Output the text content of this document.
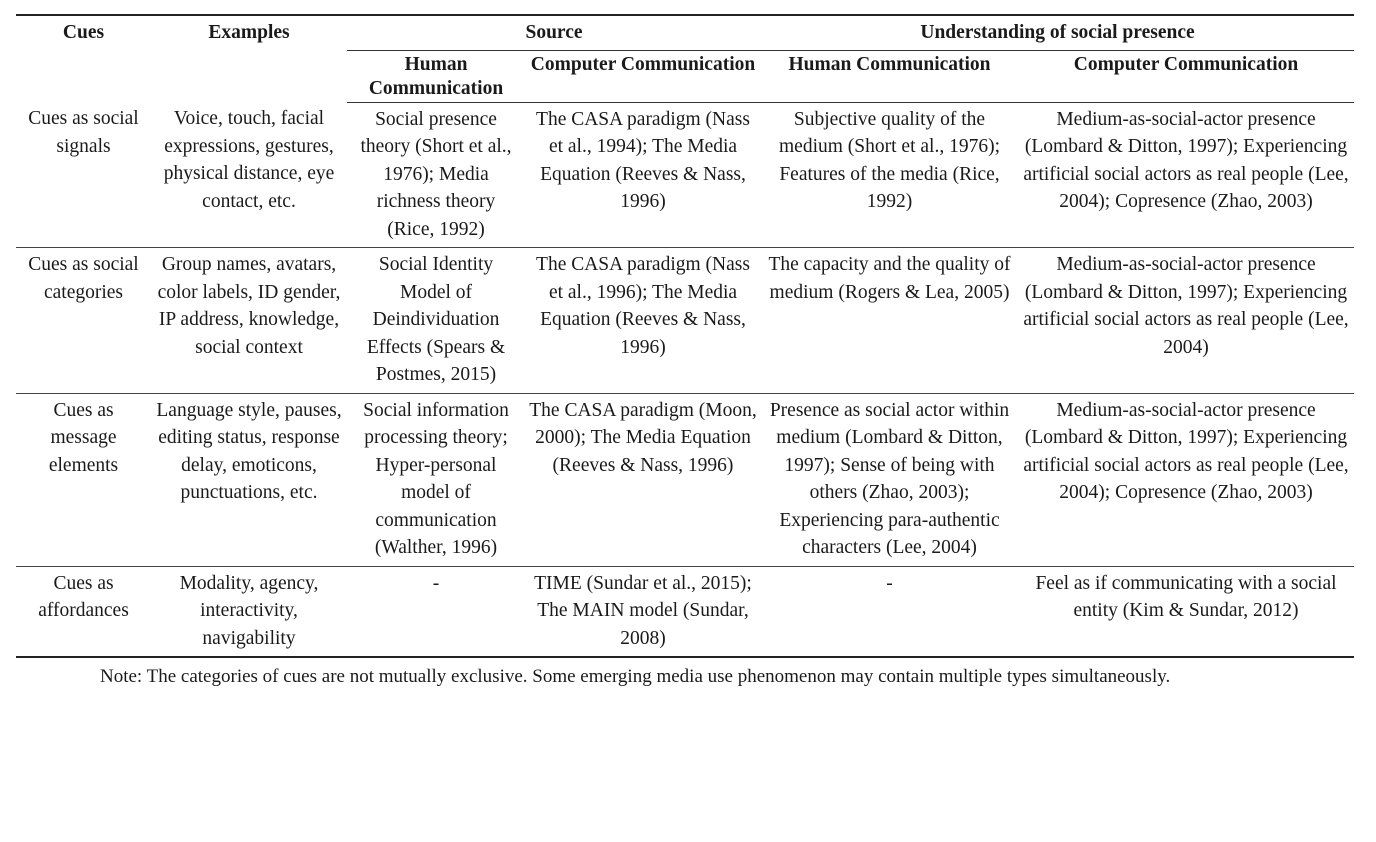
Cues	Examples	Source		Understanding of social presence	
		Human Communication	Computer Communication	Human Communication	Computer Communication
Cues as social signals	Voice, touch, facial expressions, gestures, physical distance, eye contact, etc.	Social presence theory (Short et al., 1976); Media richness theory (Rice, 1992)	The CASA paradigm (Nass et al., 1994); The Media Equation (Reeves & Nass, 1996)	Subjective quality of the medium (Short et al., 1976); Features of the media (Rice, 1992)	Medium-as-social-actor presence (Lombard & Ditton, 1997); Experiencing artificial social actors as real people (Lee, 2004); Copresence (Zhao, 2003)
Cues as social categories	Group names, avatars, color labels, ID gender, IP address, knowledge, social context	Social Identity Model of Deindividuation Effects (Spears & Postmes, 2015)	The CASA paradigm (Nass et al., 1996); The Media Equation (Reeves & Nass, 1996)	The capacity and the quality of medium (Rogers & Lea, 2005)	Medium-as-social-actor presence (Lombard & Ditton, 1997); Experiencing artificial social actors as real people (Lee, 2004)
Cues as message elements	Language style, pauses, editing status, response delay, emoticons, punctuations, etc.	Social information processing theory; Hyper-personal model of communication (Walther, 1996)	The CASA paradigm (Moon, 2000); The Media Equation (Reeves & Nass, 1996)	Presence as social actor within medium (Lombard & Ditton, 1997); Sense of being with others (Zhao, 2003); Experiencing para-authentic characters (Lee, 2004)	Medium-as-social-actor presence (Lombard & Ditton, 1997); Experiencing artificial social actors as real people (Lee, 2004); Copresence (Zhao, 2003)
Cues as affordances	Modality, agency, interactivity, navigability	-	TIME (Sundar et al., 2015); The MAIN model (Sundar, 2008)	-	Feel as if communicating with a social entity (Kim & Sundar, 2012)
Note: The categories of cues are not mutually exclusive. Some emerging media use phenomenon may contain multiple types simultaneously.
